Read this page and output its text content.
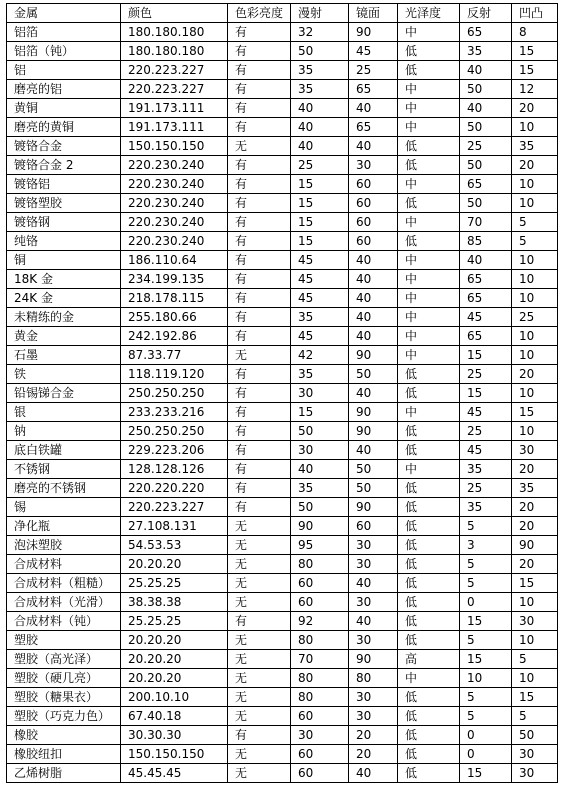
金属	颜色	色彩亮度	漫射	镜面	光泽度	反射	凹凸
铝箔	180.180.180	有	32	90	中	65	8
铝箔（钝）	180.180.180	有	50	45	低	35	15
铝	220.223.227	有	35	25	低	40	15
磨亮的铝	220.223.227	有	35	65	中	50	12
黄铜	191.173.111	有	40	40	中	40	20
磨亮的黄铜	191.173.111	有	40	65	中	50	10
镀铬合金	150.150.150	无	40	40	低	25	35
镀铬合金 2	220.230.240	有	25	30	低	50	20
镀铬铝	220.230.240	有	15	60	中	65	10
镀铬塑胶	220.230.240	有	15	60	低	50	10
镀铬钢	220.230.240	有	15	60	中	70	5
纯铬	220.230.240	有	15	60	低	85	5
铜	186.110.64	有	45	40	中	40	10
18K 金	234.199.135	有	45	40	中	65	10
24K 金	218.178.115	有	45	40	中	65	10
未精练的金	255.180.66	有	35	40	中	45	25
黄金	242.192.86	有	45	40	中	65	10
石墨	87.33.77	无	42	90	中	15	10
铁	118.119.120	有	35	50	低	25	20
铅锡锑合金	250.250.250	有	30	40	低	15	10
银	233.233.216	有	15	90	中	45	15
钠	250.250.250	有	50	90	低	25	10
底白铁罐	229.223.206	有	30	40	低	45	30
不锈钢	128.128.126	有	40	50	中	35	20
磨亮的不锈钢	220.220.220	有	35	50	低	25	35
锡	220.223.227	有	50	90	低	35	20
净化瓶	27.108.131	无	90	60	低	5	20
泡沫塑胶	54.53.53	无	95	30	低	3	90
合成材料	20.20.20	无	80	30	低	5	20
合成材料（粗糙）	25.25.25	无	60	40	低	5	15
合成材料（光滑）	38.38.38	无	60	30	低	0	10
合成材料（钝）	25.25.25	有	92	40	低	15	30
塑胶	20.20.20	无	80	30	低	5	10
塑胶（高光泽）	20.20.20	无	70	90	高	15	5
塑胶（硬几亮）	20.20.20	无	80	80	中	10	10
塑胶（糖果衣）	200.10.10	无	80	30	低	5	15
塑胶（巧克力色）	67.40.18	无	60	30	低	5	5
橡胶	30.30.30	有	30	20	低	0	50
橡胶纽扣	150.150.150	无	60	20	低	0	30
乙烯树脂	45.45.45	无	60	40	低	15	30
